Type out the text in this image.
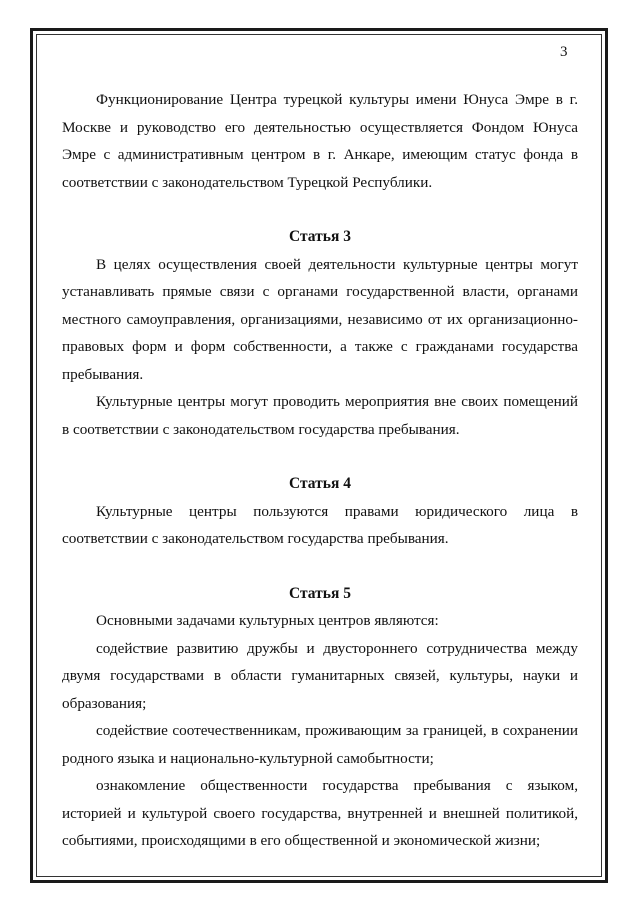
3

Функционирование Центра турецкой культуры имени Юнуса Эмре в г. Москве и руководство его деятельностью осуществляется Фондом Юнуса Эмре с административным центром в г. Анкаре, имеющим статус фонда в соответствии с законодательством Турецкой Республики.

Статья 3

В целях осуществления своей деятельности культурные центры могут устанавливать прямые связи с органами государственной власти, органами местного самоуправления, организациями, независимо от их организационно-правовых форм и форм собственности, а также с гражданами государства пребывания.

Культурные центры могут проводить мероприятия вне своих помещений в соответствии с законодательством государства пребывания.

Статья 4

Культурные центры пользуются правами юридического лица в соответствии с законодательством государства пребывания.

Статья 5

Основными задачами культурных центров являются:

содействие развитию дружбы и двустороннего сотрудничества между двумя государствами в области гуманитарных связей, культуры, науки и образования;

содействие соотечественникам, проживающим за границей, в сохранении родного языка и национально-культурной самобытности;

ознакомление общественности государства пребывания с языком, историей и культурой своего государства, внутренней и внешней политикой, событиями, происходящими в его общественной и экономической жизни;
